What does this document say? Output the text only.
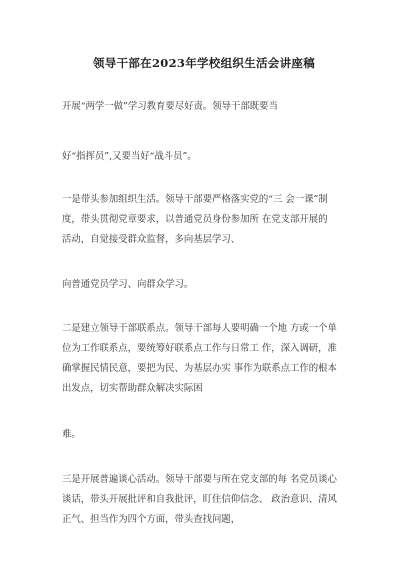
领导干部在2023年学校组织生活会讲座稿

开展“两学一做”学习教育要尽好责。领导干部既要当

好“指挥员”,又要当好“战斗员”。

一是带头参加组织生活。领导干部要严格落实党的“三 会一课”制

度，带头贯彻党章要求，以普通党员身份参加所 在党支部开展的

活动，自觉接受群众监督，多向基层学习、

向普通党员学习、向群众学习。

二是建立领导干部联系点。领导干部每人要明确一个地 方或一个单

位为工作联系点，要统筹好联系点工作与日常工 作，深入调研，准

确掌握民情民意，要把为民、为基层办实 事作为联系点工作的根本

出发点，切实帮助群众解决实际困

难。

三是开展普遍谈心活动。领导干部要与所在党支部的每 名党员谈心

谈话，带头开展批评和自我批评，盯住信仰信念、 政治意识、清风

正气、担当作为四个方面，带头查找问题，
